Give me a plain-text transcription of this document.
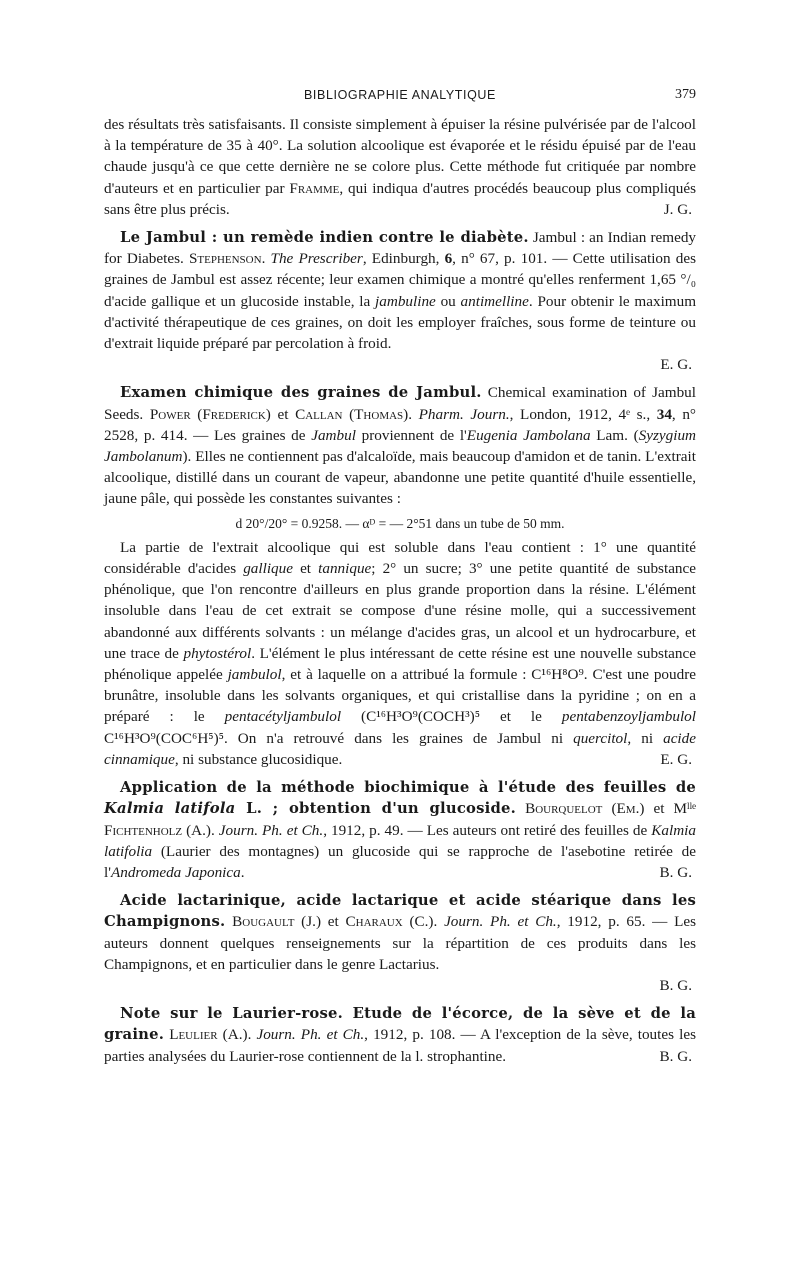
BIBLIOGRAPHIE ANALYTIQUE	379

des résultats très satisfaisants. Il consiste simplement à épuiser la résine pulvérisée par de l'alcool à la température de 35 à 40°. La solution alcoolique est évaporée et le résidu épuisé par de l'eau chaude jusqu'à ce que cette dernière ne se colore plus. Cette méthode fut critiquée par nombre d'auteurs et en particulier par Framme, qui indiqua d'autres procédés beaucoup plus compliqués sans être plus précis.	J. G.

Le Jambul : un remède indien contre le diabète. Jambul : an Indian remedy for Diabetes. Stephenson. The Prescriber, Edinburgh, 6, n° 67, p. 101. — Cette utilisation des graines de Jambul est assez récente; leur examen chimique a montré qu'elles renferment 1,65 °/₀ d'acide gallique et un glucoside instable, la jambuline ou antimelline. Pour obtenir le maximum d'activité thérapeutique de ces graines, on doit les employer fraîches, sous forme de teinture ou d'extrait liquide préparé par percolation à froid.

E. G.

Examen chimique des graines de Jambul. Chemical examination of Jambul Seeds. Power (Frederick) et Callan (Thomas). Pharm. Journ., London, 1912, 4ᵉ s., 34, n° 2528, p. 414. — Les graines de Jambul proviennent de l'Eugenia Jambolana Lam. (Syzygium Jambolanum). Elles ne contiennent pas d'alcaloïde, mais beaucoup d'amidon et de tanin. L'extrait alcoolique, distillé dans un courant de vapeur, abandonne une petite quantité d'huile essentielle, jaune pâle, qui possède les constantes suivantes :

d 20°/20° = 0.9258. — αᴰ = — 2°51 dans un tube de 50 mm.

La partie de l'extrait alcoolique qui est soluble dans l'eau contient : 1° une quantité considérable d'acides gallique et tannique; 2° un sucre; 3° une petite quantité de substance phénolique, que l'on rencontre d'ailleurs en plus grande proportion dans la résine. L'élément insoluble dans l'eau de cet extrait se compose d'une résine molle, qui a successivement abandonné aux différents solvants : un mélange d'acides gras, un alcool et un hydrocarbure, et une trace de phytostérol. L'élément le plus intéressant de cette résine est une nouvelle substance phénolique appelée jambulol, et à laquelle on a attribué la formule : C¹⁶H⁸O⁹. C'est une poudre brunâtre, insoluble dans les solvants organiques, et qui cristallise dans la pyridine ; on en a préparé : le pentacétyljambulol (C¹⁶H³O⁹(COCH³)⁵ et le pentabenzoyljambulol C¹⁶H³O⁹(COC⁶H⁵)⁵. On n'a retrouvé dans les graines de Jambul ni quercitol, ni acide cinnamique, ni substance glucosidique.	E. G.

Application de la méthode biochimique à l'étude des feuilles de Kalmia latifola L. ; obtention d'un glucoside. Bourquelot (Em.) et Mˡˡᵉ Fichtenholz (A.). Journ. Ph. et Ch., 1912, p. 49. — Les auteurs ont retiré des feuilles de Kalmia latifolia (Laurier des montagnes) un glucoside qui se rapproche de l'asebotine retirée de l'Andromeda Japonica.	B. G.

Acide lactarinique, acide lactarique et acide stéarique dans les Champignons. Bougault (J.) et Charaux (C.). Journ. Ph. et Ch., 1912, p. 65. — Les auteurs donnent quelques renseignements sur la répartition de ces produits dans les Champignons, et en particulier dans le genre Lactarius.

B. G.

Note sur le Laurier-rose. Etude de l'écorce, de la sève et de la graine. Leulier (A.). Journ. Ph. et Ch., 1912, p. 108. — A l'exception de la sève, toutes les parties analysées du Laurier-rose contiennent de la l. strophantine.	B. G.
